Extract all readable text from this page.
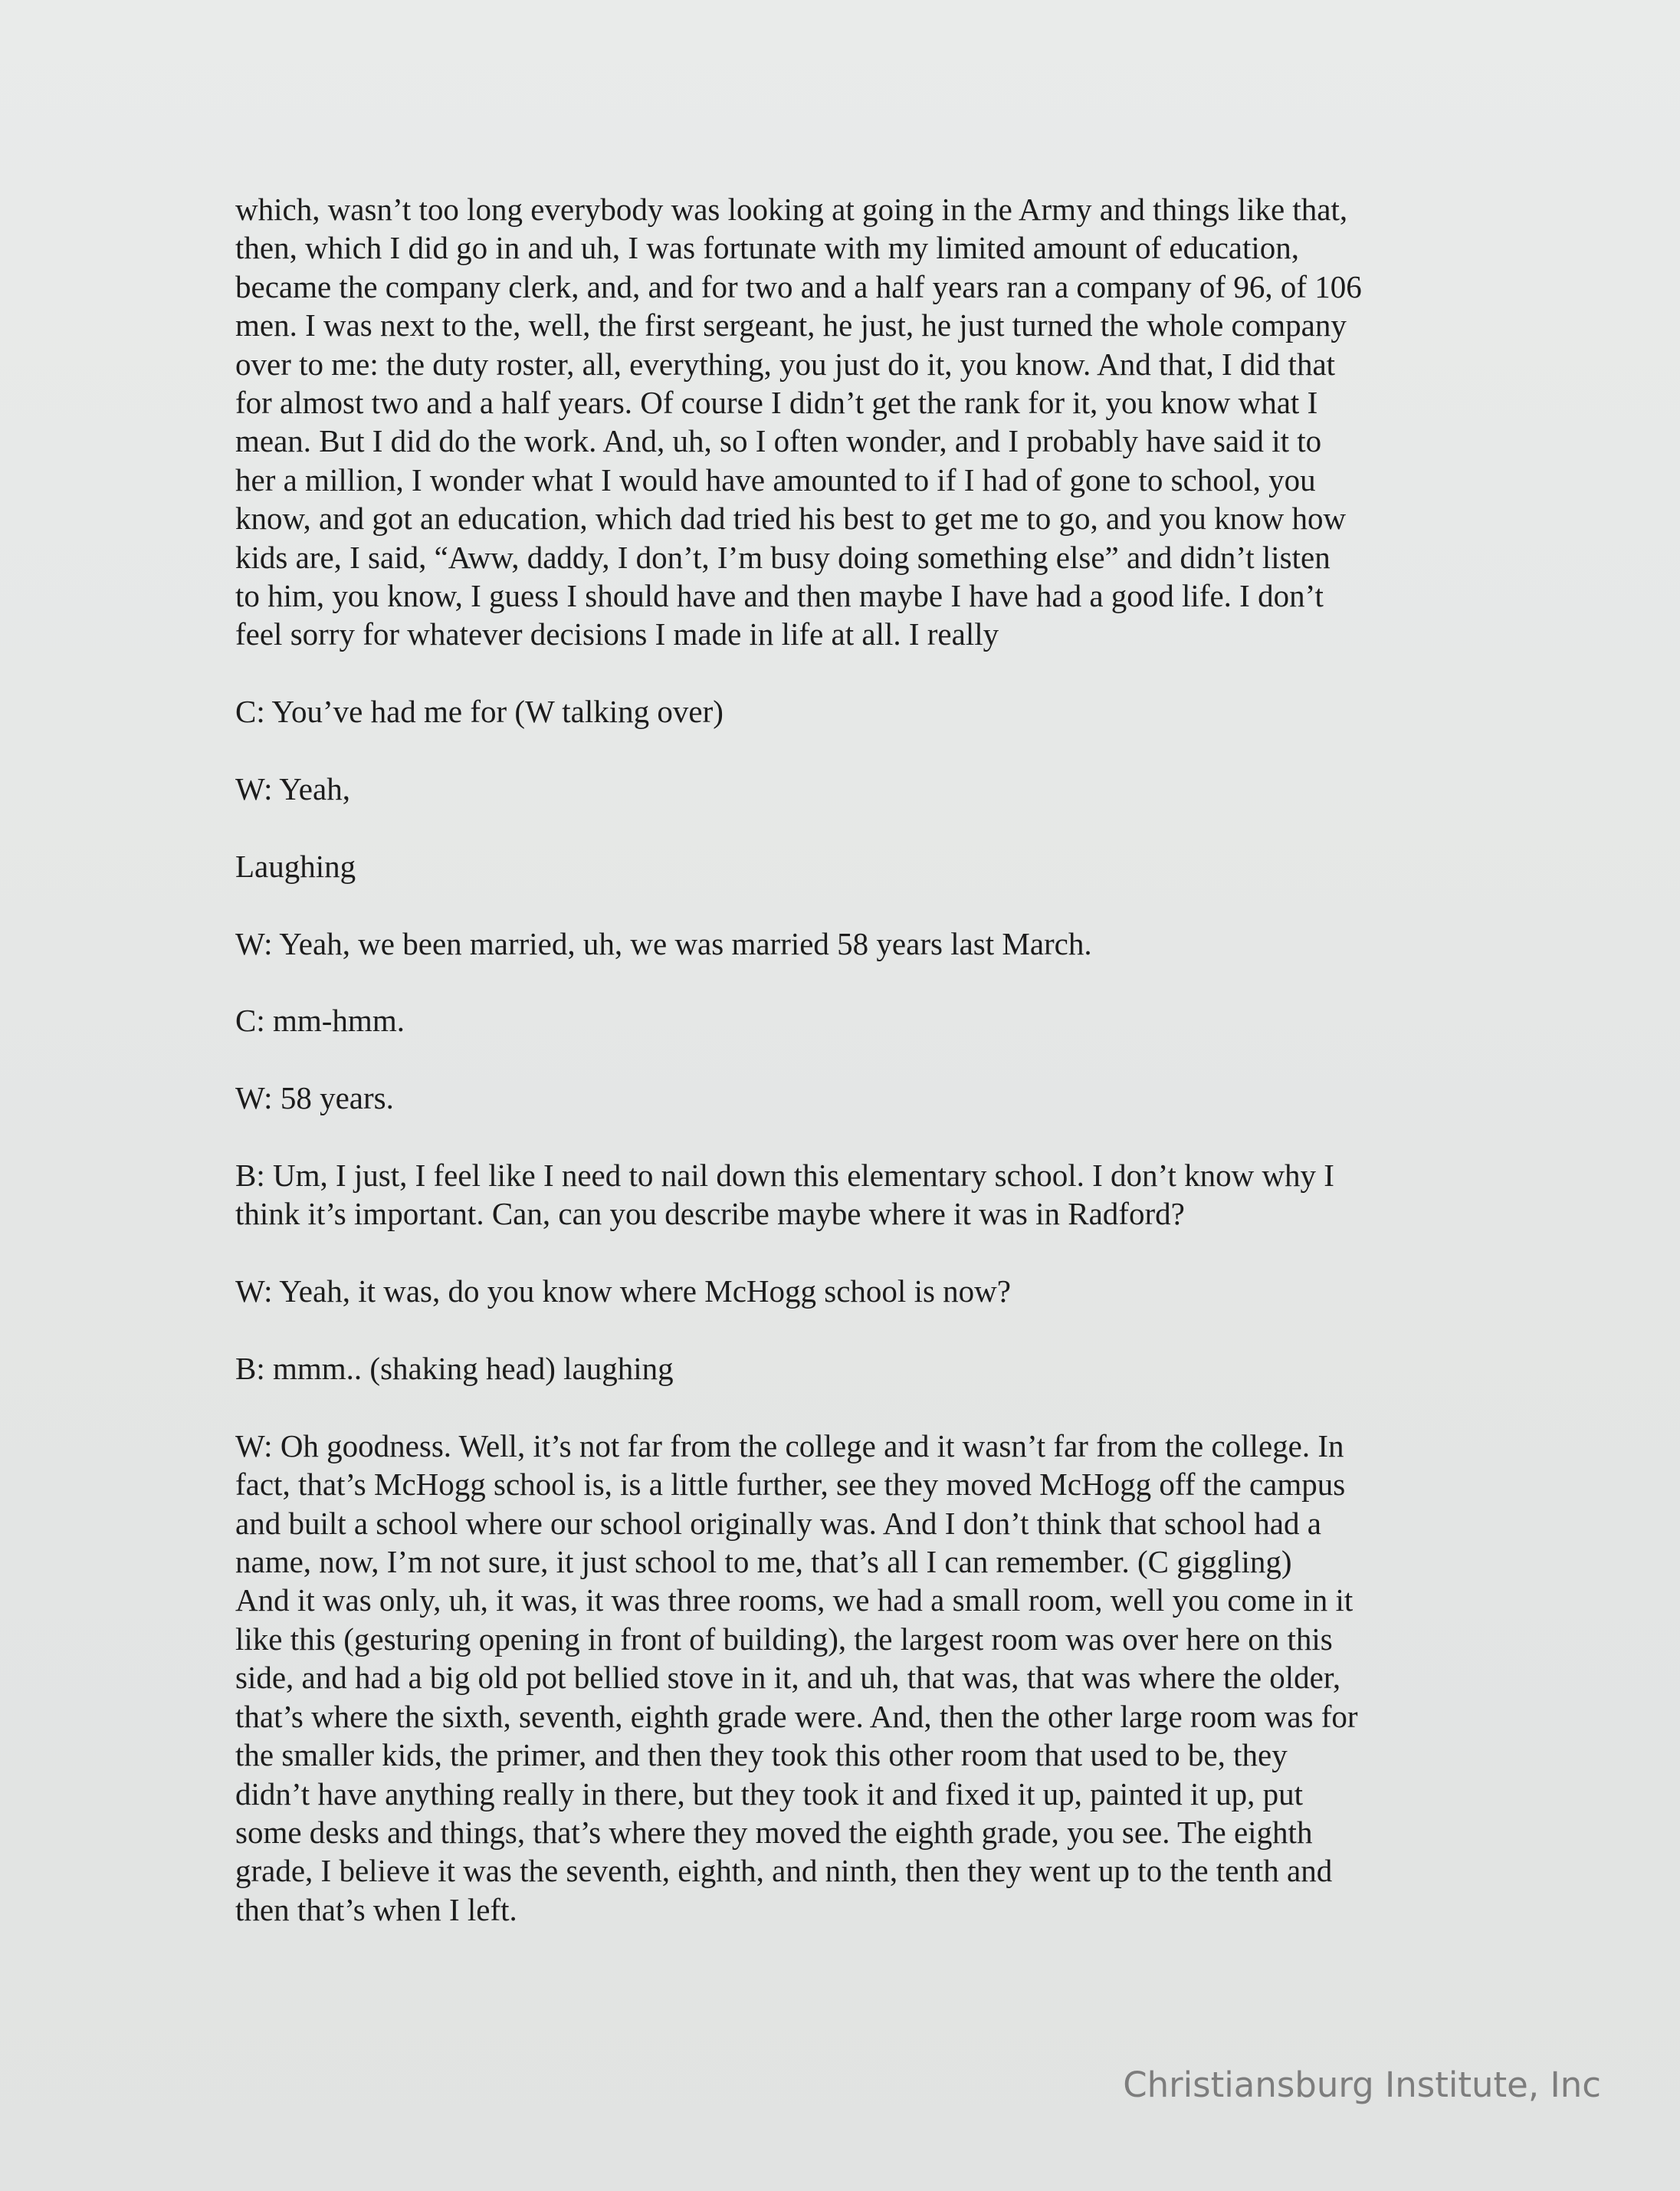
which, wasn’t too long everybody was looking at going in the Army and things like that,
then, which I did go in and uh, I was fortunate with my limited amount of education,
became the company clerk, and, and for two and a half years ran a company of 96, of 106
men. I was next to the, well, the first sergeant, he just, he just turned the whole company
over to me: the duty roster, all, everything, you just do it, you know. And that, I did that
for almost two and a half years. Of course I didn’t get the rank for it, you know what I
mean. But I did do the work. And, uh, so I often wonder, and I probably have said it to
her a million, I wonder what I would have amounted to if I had of gone to school, you
know, and got an education, which dad tried his best to get me to go, and you know how
kids are, I said, “Aww, daddy, I don’t, I’m busy doing something else” and didn’t listen
to him, you know, I guess I should have and then maybe I have had a good life. I don’t
feel sorry for whatever decisions I made in life at all. I really

C: You’ve had me for (W talking over)

W: Yeah,

Laughing

W: Yeah, we been married, uh, we was married 58 years last March.

C: mm-hmm.

W: 58 years.

B: Um, I just, I feel like I need to nail down this elementary school. I don’t know why I
think it’s important. Can, can you describe maybe where it was in Radford?

W: Yeah, it was, do you know where McHogg school is now?

B: mmm.. (shaking head) laughing

W: Oh goodness. Well, it’s not far from the college and it wasn’t far from the college. In
fact, that’s McHogg school is, is a little further, see they moved McHogg off the campus
and built a school where our school originally was. And I don’t think that school had a
name, now, I’m not sure, it just school to me, that’s all I can remember. (C giggling)
And it was only, uh, it was, it was three rooms, we had a small room, well you come in it
like this (gesturing opening in front of building), the largest room was over here on this
side, and had a big old pot bellied stove in it, and uh, that was, that was where the older,
that’s where the sixth, seventh, eighth grade were. And, then the other large room was for
the smaller kids, the primer, and then they took this other room that used to be, they
didn’t have anything really in there, but they took it and fixed it up, painted it up, put
some desks and things, that’s where they moved the eighth grade, you see. The eighth
grade, I believe it was the seventh, eighth, and ninth, then they went up to the tenth and
then that’s when I left.

Christiansburg Institute, Inc
